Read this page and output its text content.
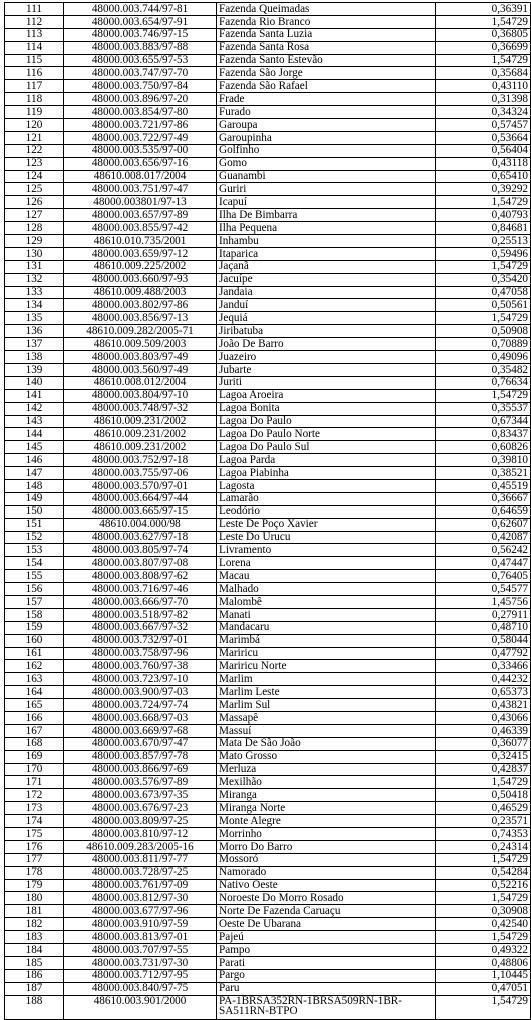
111	48000.003.744/97-81	Fazenda Queimadas	0,36391
112	48000.003.654/97-91	Fazenda Rio Branco	1,54729
113	48000.003.746/97-15	Fazenda Santa Luzia	0,36805
114	48000.003.883/97-88	Fazenda Santa Rosa	0,36699
115	48000.003.655/97-53	Fazenda Santo Estevão	1,54729
116	48000.003.747/97-70	Fazenda São Jorge	0,35684
117	48000.003.750/97-84	Fazenda São Rafael	0,43110
118	48000.003.896/97-20	Frade	0,31398
119	48000.003.854/97-80	Furado	0,34324
120	48000.003.721/97-86	Garoupa	0,57457
121	48000.003.722/97-49	Garoupinha	0,53664
122	48000.003.535/97-00	Golfinho	0,56404
123	48000.003.656/97-16	Gomo	0,43118
124	48610.008.017/2004	Guanambi	0,65410
125	48000.003.751/97-47	Guriri	0,39292
126	48000.003801/97-13	Icapuí	1,54729
127	48000.003.657/97-89	Ilha De Bimbarra	0,40793
128	48000.003.855/97-42	Ilha Pequena	0,84681
129	48610.010.735/2001	Inhambu	0,25513
130	48000.003.659/97-12	Itaparica	0,59496
131	48610.009.225/2002	Jaçanã	1,54729
132	48000.003.660/97-93	Jacuípe	0,35420
133	48610.009.488/2003	Jandaia	0,47058
134	48000.003.802/97-86	Janduí	0,50561
135	48000.003.856/97-13	Jequiá	1,54729
136	48610.009.282/2005-71	Jiribatuba	0,50908
137	48610.009.509/2003	João De Barro	0,70889
138	48000.003.803/97-49	Juazeiro	0,49096
139	48000.003.560/97-49	Jubarte	0,35482
140	48610.008.012/2004	Juriti	0,76634
141	48000.003.804/97-10	Lagoa Aroeira	1,54729
142	48000.003.748/97-32	Lagoa Bonita	0,35537
143	48610.009.231/2002	Lagoa Do Paulo	0,67344
144	48610.009.231/2002	Lagoa Do Paulo Norte	0,83437
145	48610.009.231/2002	Lagoa Do Paulo Sul	0,60826
146	48000.003.752/97-18	Lagoa Parda	0,39810
147	48000.003.755/97-06	Lagoa Piabinha	0,38521
148	48000.003.570/97-01	Lagosta	0,45519
149	48000.003.664/97-44	Lamarão	0,36667
150	48000.003.665/97-15	Leodório	0,64659
151	48610.004.000/98	Leste De Poço Xavier	0,62607
152	48000.003.627/97-18	Leste Do Urucu	0,42087
153	48000.003.805/97-74	Livramento	0,56242
154	48000.003.807/97-08	Lorena	0,47447
155	48000.003.808/97-62	Macau	0,76405
156	48000.003.716/97-46	Malhado	0,54577
157	48000.003.666/97-70	Malombê	1,45756
158	48000.003.518/97-82	Manati	0,27911
159	48000.003.667/97-32	Mandacaru	0,48710
160	48000.003.732/97-01	Marimbá	0,58044
161	48000.003.758/97-96	Mariricu	0,47792
162	48000.003.760/97-38	Mariricu Norte	0,33466
163	48000.003.723/97-10	Marlim	0,44232
164	48000.003.900/97-03	Marlim Leste	0,65373
165	48000.003.724/97-74	Marlim Sul	0,43821
166	48000.003.668/97-03	Massapê	0,43066
167	48000.003.669/97-68	Massuí	0,46339
168	48000.003.670/97-47	Mata De São João	0,36077
169	48000.003.857/97-78	Mato Grosso	0,32415
170	48000.003.866/97-69	Merluza	0,42837
171	48000.003.576/97-89	Mexilhão	1,54729
172	48000.003.673/97-35	Miranga	0,50418
173	48000.003.676/97-23	Miranga Norte	0,46529
174	48000.003.809/97-25	Monte Alegre	0,23571
175	48000.003.810/97-12	Morrinho	0,74353
176	48610.009.283/2005-16	Morro Do Barro	0,24314
177	48000.003.811/97-77	Mossoró	1,54729
178	48000.003.728/97-25	Namorado	0,54284
179	48000.003.761/97-09	Nativo Oeste	0,52216
180	48000.003.812/97-30	Noroeste Do Morro Rosado	1,54729
181	48000.003.677/97-96	Norte De Fazenda Caruaçu	0,30908
182	48000.003.910/97-59	Oeste De Ubarana	0,42540
183	48000.003.813/97-01	Pajeú	1,54729
184	48000.003.707/97-55	Pampo	0,49322
185	48000.003.731/97-30	Parati	0,48806
186	48000.003.712/97-95	Pargo	1,10445
187	48000.003.840/97-75	Paru	0,47051
188	48610.003.901/2000	PA-1BRSA352RN-1BRSA509RN-1BR-SA511RN-BTPO	1,54729
